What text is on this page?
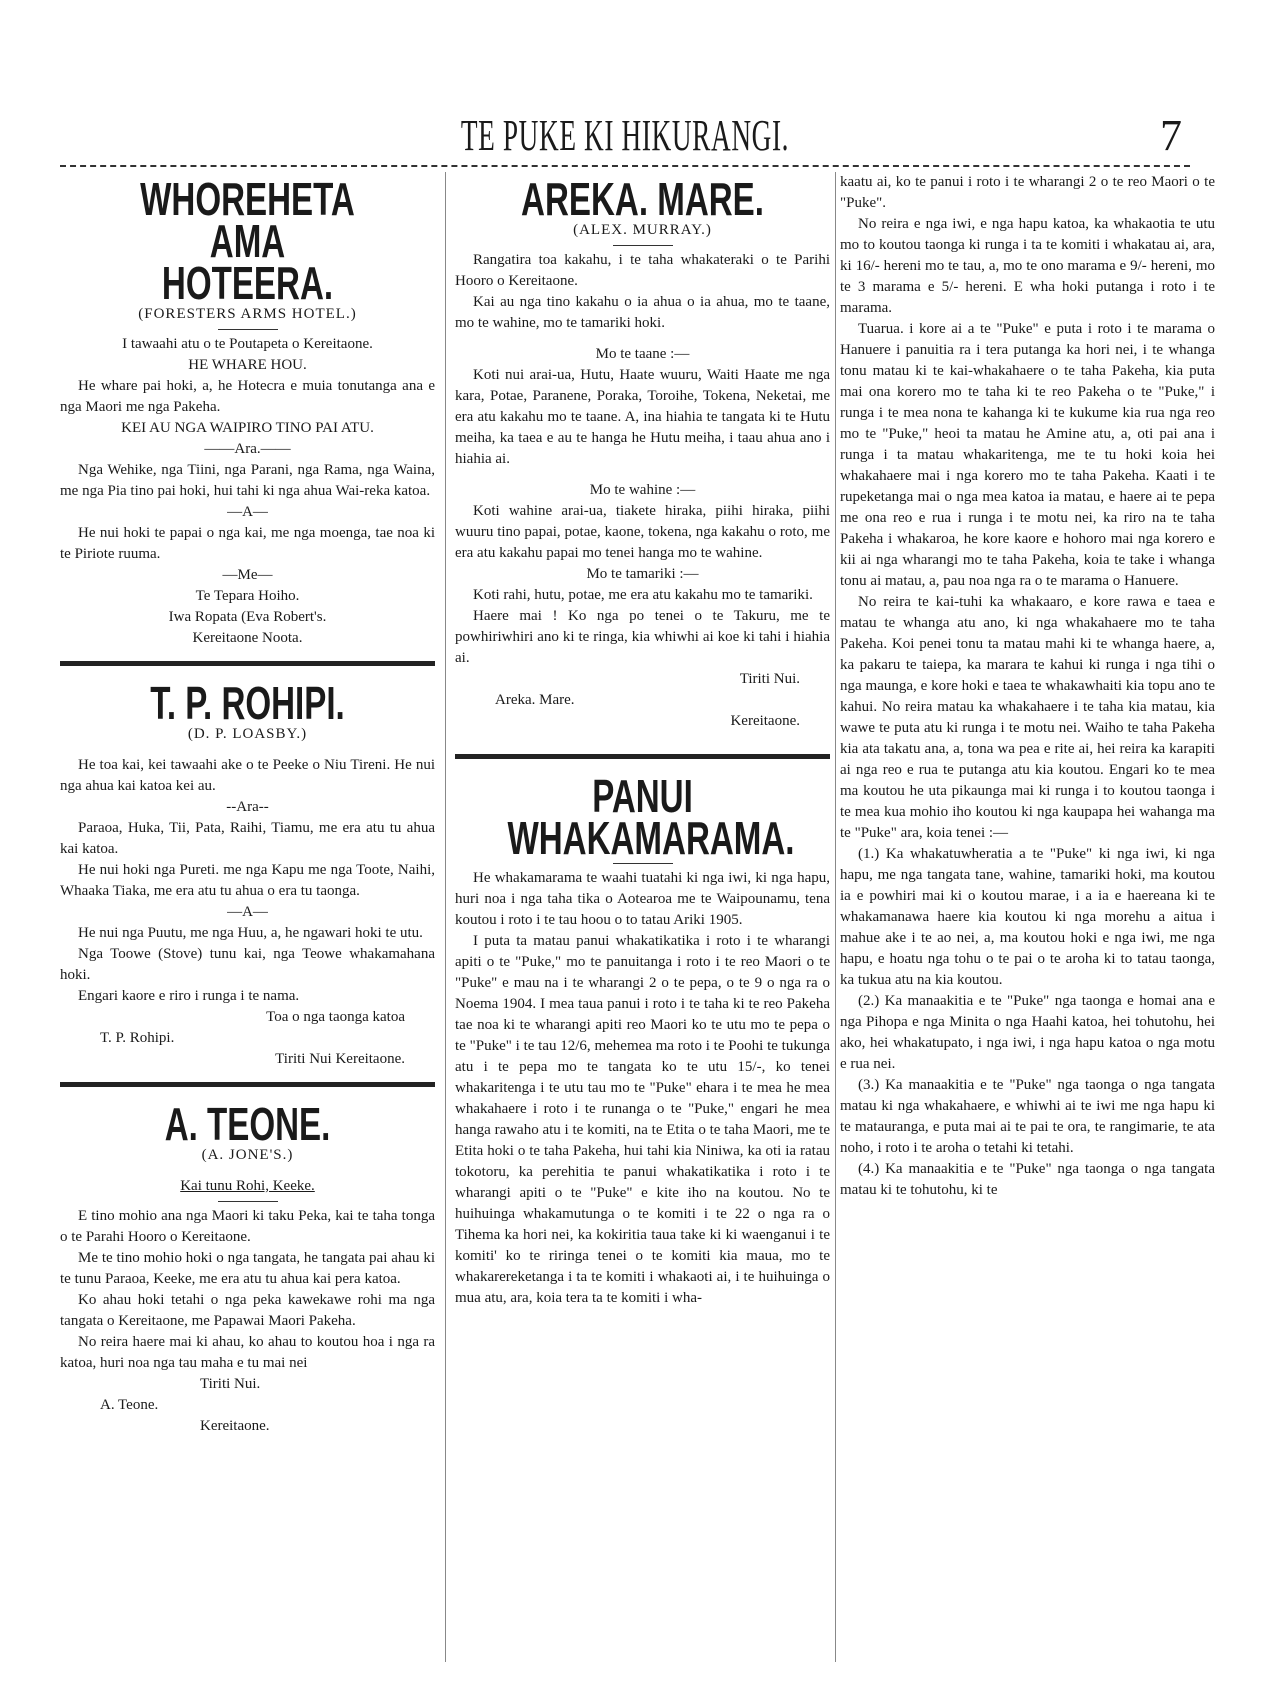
TE PUKE KI HIKURANGI.	7
WHOREHETA AMA
HOTEERA.

(FORESTERS ARMS HOTEL.)

I tawaahi atu o te Poutapeta o Kereitaone.

HE WHARE HOU.

He whare pai hoki, a, he Hotecra e muia tonutanga ana e nga Maori me nga Pakeha.

KEI AU NGA WAIPIRO TINO PAI ATU.

——Ara.——

Nga Wehike, nga Tiini, nga Parani, nga Rama, nga Waina, me nga Pia tino pai hoki, hui tahi ki nga ahua Wai-reka katoa.

—A—

He nui hoki te papai o nga kai, me nga moenga, tae noa ki te Piriote ruuma.

—Me—

Te Tepara Hoiho.

Iwa Ropata (Eva Robert's.

Kereitaone Noota.

T. P. ROHIPI.

(D. P. LOASBY.)

He toa kai, kei tawaahi ake o te Peeke o Niu Tireni. He nui nga ahua kai katoa kei au.

--Ara--

Paraoa, Huka, Tii, Pata, Raihi, Tiamu, me era atu tu ahua kai katoa.

He nui hoki nga Pureti. me nga Kapu me nga Toote, Naihi, Whaaka Tiaka, me era atu tu ahua o era tu taonga.

—A—

He nui nga Puutu, me nga Huu, a, he ngawari hoki te utu.

Nga Toowe (Stove) tunu kai, nga Teowe whakamahana hoki.

Engari kaore e riro i runga i te nama.

Toa o nga taonga katoa

T. P. Rohipi.

Tiriti Nui Kereitaone.

A. TEONE.

(A. JONE'S.)

Kai tunu Rohi, Keeke.

E tino mohio ana nga Maori ki taku Peka, kai te taha tonga o te Parahi Hooro o Kereitaone.

Me te tino mohio hoki o nga tangata, he tangata pai ahau ki te tunu Paraoa, Keeke, me era atu tu ahua kai pera katoa.

Ko ahau hoki tetahi o nga peka kawekawe rohi ma nga tangata o Kereitaone, me Papawai Maori Pakeha.

No reira haere mai ki ahau, ko ahau to koutou hoa i nga ra katoa, huri noa nga tau maha e tu mai nei

Tiriti Nui.

A. Teone.

Kereitaone.

AREKA. MARE.

(ALEX. MURRAY.)

Rangatira toa kakahu, i te taha whakateraki o te Parihi Hooro o Kereitaone.

Kai au nga tino kakahu o ia ahua o ia ahua, mo te taane, mo te wahine, mo te tamariki hoki.

Mo te taane :—

Koti nui arai-ua, Hutu, Haate wuuru, Waiti Haate me nga kara, Potae, Paranene, Poraka, Toroihe, Tokena, Neketai, me era atu kakahu mo te taane. A, ina hiahia te tangata ki te Hutu meiha, ka taea e au te hanga he Hutu meiha, i taau ahua ano i hiahia ai.

Mo te wahine :—

Koti wahine arai-ua, tiakete hiraka, piihi hiraka, piihi wuuru tino papai, potae, kaone, tokena, nga kakahu o roto, me era atu kakahu papai mo tenei hanga mo te wahine.

Mo te tamariki :—

Koti rahi, hutu, potae, me era atu kakahu mo te tamariki.

Haere mai ! Ko nga po tenei o te Takuru, me te powhiriwhiri ano ki te ringa, kia whiwhi ai koe ki tahi i hiahia ai.

Tiriti Nui.

Areka. Mare.

Kereitaone.

PANUI WHAKAMARAMA.

He whakamarama te waahi tuatahi ki nga iwi, ki nga hapu, huri noa i nga taha tika o Aotearoa me te Waipounamu, tena koutou i roto i te tau hoou o to tatau Ariki 1905.

I puta ta matau panui whakatikatika i roto i te wharangi apiti o te "Puke," mo te panuitanga i roto i te reo Maori o te "Puke" e mau na i te wharangi 2 o te pepa, o te 9 o nga ra o Noema 1904. I mea taua panui i roto i te taha ki te reo Pakeha tae noa ki te wharangi apiti reo Maori ko te utu mo te pepa o te "Puke" i te tau 12/6, mehemea ma roto i te Poohi te tukunga atu i te pepa mo te tangata ko te utu 15/-, ko tenei whakaritenga i te utu tau mo te "Puke" ehara i te mea he mea whakahaere i roto i te runanga o te "Puke," engari he mea hanga rawaho atu i te komiti, na te Etita o te taha Maori, me te Etita hoki o te taha Pakeha, hui tahi kia Niniwa, ka oti ia ratau tokotoru, ka perehitia te panui whakatikatika i roto i te wharangi apiti o te "Puke" e kite iho na koutou. No te huihuinga whakamutunga o te komiti i te 22 o nga ra o Tihema ka hori nei, ka kokiritia taua take ki ki waenganui i te komiti' ko te riringa tenei o te komiti kia maua, mo te whakarereketanga i ta te komiti i whakaoti ai, i te huihuinga o mua atu, ara, koia tera ta te komiti i wha-

kaatu ai, ko te panui i roto i te wharangi 2 o te reo Maori o te "Puke".

No reira e nga iwi, e nga hapu katoa, ka whakaotia te utu mo to koutou taonga ki runga i ta te komiti i whakatau ai, ara, ki 16/- hereni mo te tau, a, mo te ono marama e 9/- hereni, mo te 3 marama e 5/- hereni. E wha hoki putanga i roto i te marama.

Tuarua. i kore ai a te "Puke" e puta i roto i te marama o Hanuere i panuitia ra i tera putanga ka hori nei, i te whanga tonu matau ki te kai-whakahaere o te taha Pakeha, kia puta mai ona korero mo te taha ki te reo Pakeha o te "Puke," i runga i te mea nona te kahanga ki te kukume kia rua nga reo mo te "Puke," heoi ta matau he Amine atu, a, oti pai ana i runga i ta matau whakaritenga, me te tu hoki koia hei whakahaere mai i nga korero mo te taha Pakeha. Kaati i te rupeketanga mai o nga mea katoa ia matau, e haere ai te pepa me ona reo e rua i runga i te motu nei, ka riro na te taha Pakeha i whakaroa, he kore kaore e hohoro mai nga korero e kii ai nga wharangi mo te taha Pakeha, koia te take i whanga tonu ai matau, a, pau noa nga ra o te marama o Hanuere.

No reira te kai-tuhi ka whakaaro, e kore rawa e taea e matau te whanga atu ano, ki nga whakahaere mo te taha Pakeha. Koi penei tonu ta matau mahi ki te whanga haere, a, ka pakaru te taiepa, ka marara te kahui ki runga i nga tihi o nga maunga, e kore hoki e taea te whakawhaiti kia topu ano te kahui. No reira matau ka whakahaere i te taha kia matau, kia wawe te puta atu ki runga i te motu nei. Waiho te taha Pakeha kia ata takatu ana, a, tona wa pea e rite ai, hei reira ka karapiti ai nga reo e rua te putanga atu kia koutou. Engari ko te mea ma koutou he uta pikaunga mai ki runga i to koutou taonga i te mea kua mohio iho koutou ki nga kaupapa hei wahanga ma te "Puke" ara, koia tenei :—

(1.) Ka whakatuwheratia a te "Puke" ki nga iwi, ki nga hapu, me nga tangata tane, wahine, tamariki hoki, ma koutou ia e powhiri mai ki o koutou marae, i a ia e haereana ki te whakamanawa haere kia koutou ki nga morehu a aitua i mahue ake i te ao nei, a, ma koutou hoki e nga iwi, me nga hapu, e hoatu nga tohu o te pai o te aroha ki to tatau taonga, ka tukua atu na kia koutou.

(2.) Ka manaakitia e te "Puke" nga taonga e homai ana e nga Pihopa e nga Minita o nga Haahi katoa, hei tohutohu, hei ako, hei whakatupato, i nga iwi, i nga hapu katoa o nga motu e rua nei.

(3.) Ka manaakitia e te "Puke" nga taonga o nga tangata matau ki nga whakahaere, e whiwhi ai te iwi me nga hapu ki te matauranga, e puta mai ai te pai te ora, te rangimarie, te ata noho, i roto i te aroha o tetahi ki tetahi.

(4.) Ka manaakitia e te "Puke" nga taonga o nga tangata matau ki te tohutohu, ki te
